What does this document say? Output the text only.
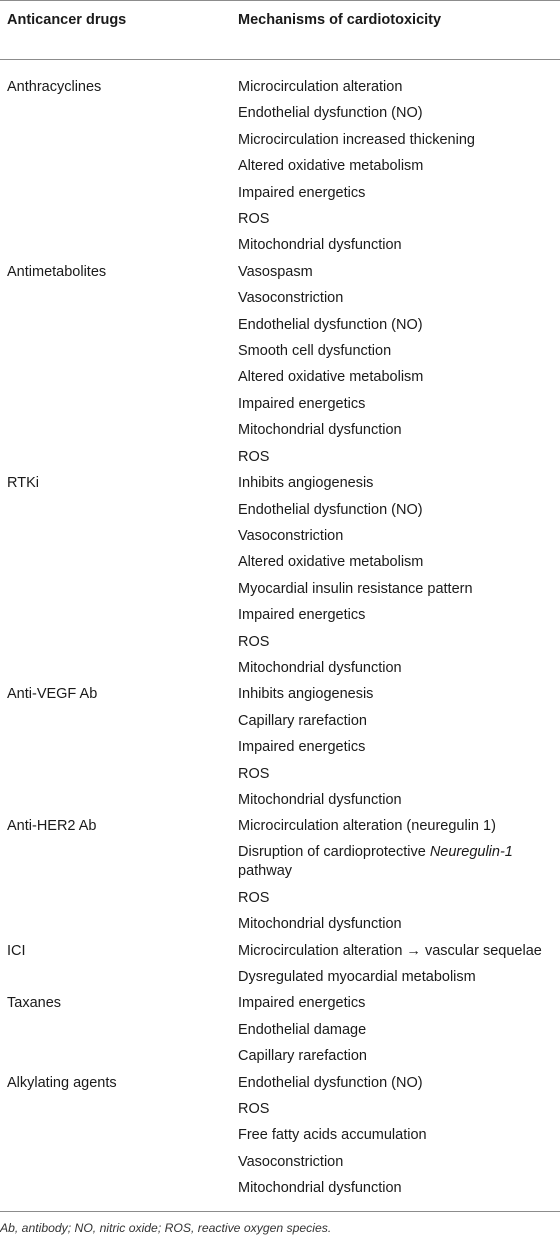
Anticancer drugs	Mechanisms of cardiotoxicity
Anthracyclines	Microcirculation alteration
Endothelial dysfunction (NO)
Microcirculation increased thickening
Altered oxidative metabolism
Impaired energetics
ROS
Mitochondrial dysfunction
Antimetabolites	Vasospasm
Vasoconstriction
Endothelial dysfunction (NO)
Smooth cell dysfunction
Altered oxidative metabolism
Impaired energetics
Mitochondrial dysfunction
ROS
RTKi	Inhibits angiogenesis
Endothelial dysfunction (NO)
Vasoconstriction
Altered oxidative metabolism
Myocardial insulin resistance pattern
Impaired energetics
ROS
Mitochondrial dysfunction
Anti-VEGF Ab	Inhibits angiogenesis
Capillary rarefaction
Impaired energetics
ROS
Mitochondrial dysfunction
Anti-HER2 Ab	Microcirculation alteration (neuregulin 1)
Disruption of cardioprotective Neuregulin-1 pathway
ROS
Mitochondrial dysfunction
ICI	Microcirculation alteration → vascular sequelae
Dysregulated myocardial metabolism
Taxanes	Impaired energetics
Endothelial damage
Capillary rarefaction
Alkylating agents	Endothelial dysfunction (NO)
ROS
Free fatty acids accumulation
Vasoconstriction
Mitochondrial dysfunction
Ab, antibody; NO, nitric oxide; ROS, reactive oxygen species.
